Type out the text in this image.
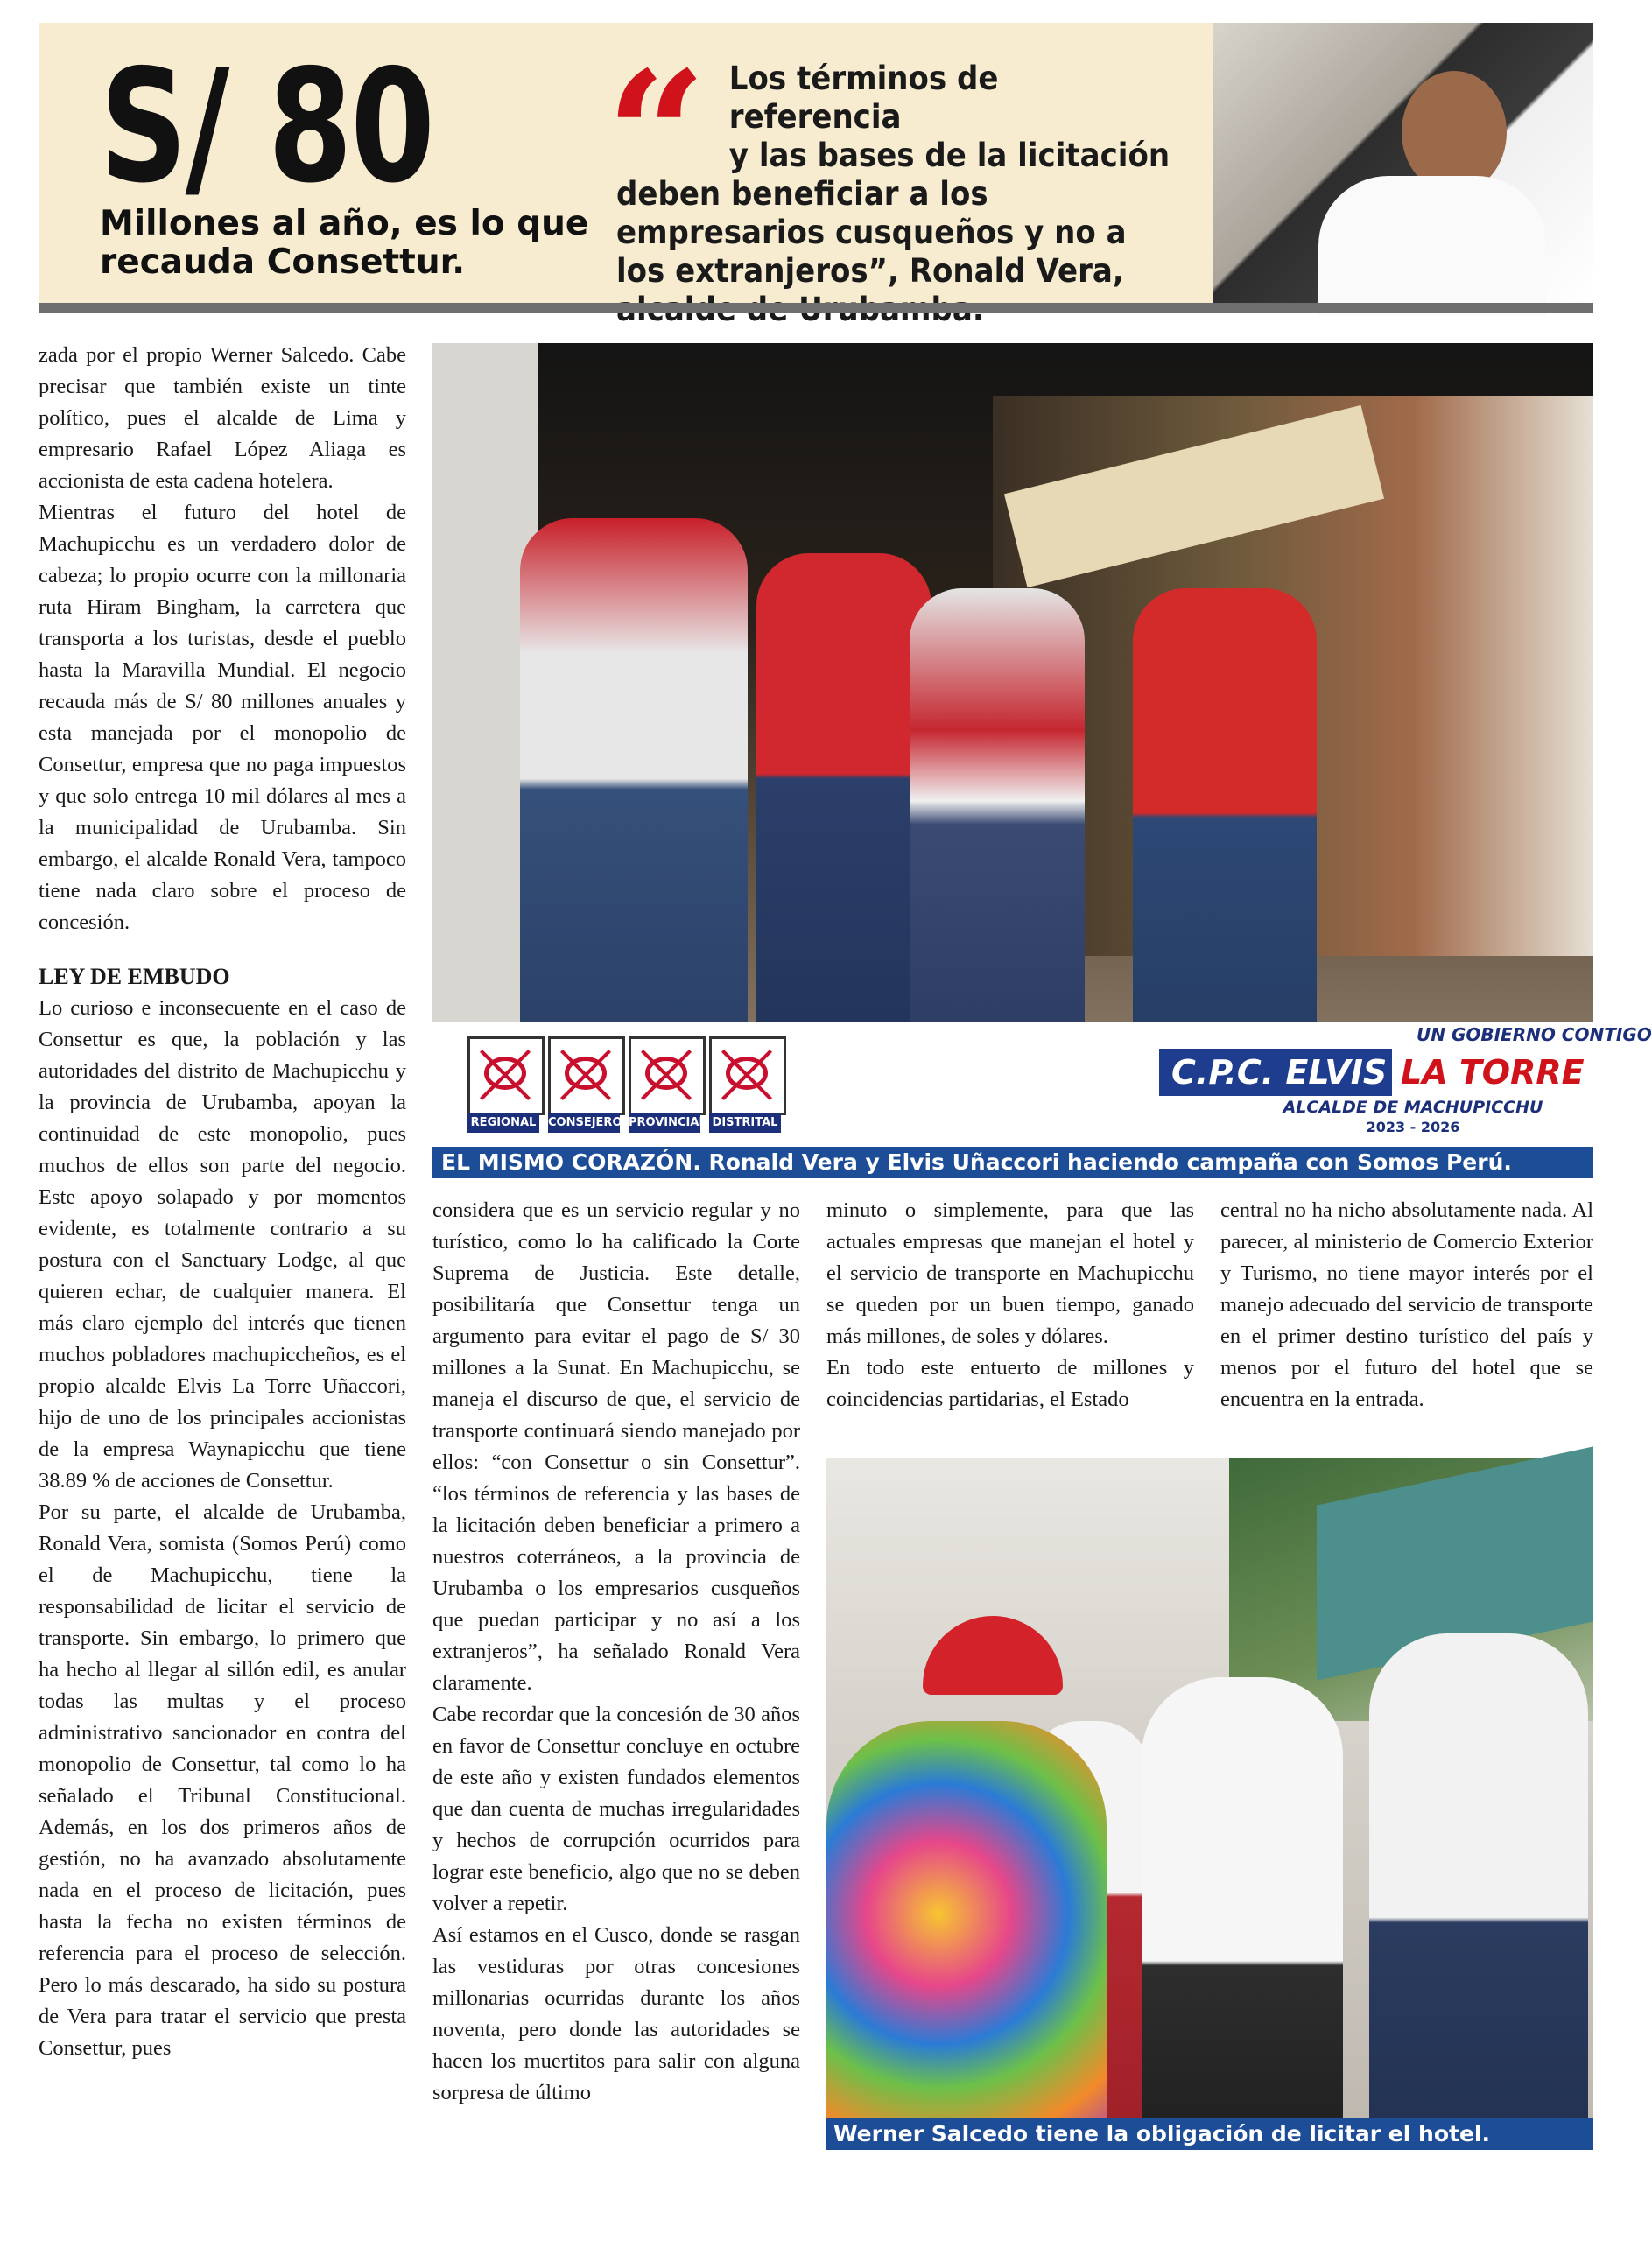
S/ 80
Millones al año, es lo que recauda Consettur.
“ Los términos de referencia
y las bases de la licitación
deben beneficiar a los empresarios cusqueños y no a los extranjeros”, Ronald Vera,

zada por el propio Werner Salcedo. Cabe precisar que también existe un tinte político, pues el alcalde de Lima y empresario Rafael López Aliaga es accionista de esta cadena hotelera.

Mientras el futuro del hotel de Machupicchu es un verdadero dolor de cabeza; lo propio ocurre con la millonaria ruta Hiram Bingham, la carretera que transporta a los turistas, desde el pueblo hasta la Maravilla Mundial. El negocio recauda más de S/ 80 millones anuales y esta manejada por el monopolio de Consettur, empresa que no paga impuestos y que solo entrega 10 mil dólares al mes a la municipalidad de Urubamba. Sin embargo, el alcalde Ronald Vera, tampoco tiene nada claro sobre el proceso de concesión.

LEY DE EMBUDO

Lo curioso e inconsecuente en el caso de Consettur es que, la población y las autoridades del distrito de Machupicchu y la provincia de Urubamba, apoyan la continuidad de este monopolio, pues muchos de ellos son parte del negocio. Este apoyo solapado y por momentos evidente, es totalmente contrario a su postura con el Sanctuary Lodge, al que quieren echar, de cualquier manera. El más claro ejemplo del interés que tienen muchos pobladores machupiccheños, es el propio alcalde Elvis La Torre Uñaccori, hijo de uno de los principales accionistas de la empresa Waynapicchu que tiene 38.89 % de acciones de Consettur.

Por su parte, el alcalde de Urubamba, Ronald Vera, somista (Somos Perú) como el de Machupicchu, tiene la responsabilidad de licitar el servicio de transporte. Sin embargo, lo primero que ha hecho al llegar al sillón edil, es anular todas las multas y el proceso administrativo sancionador en contra del monopolio de Consettur, tal como lo ha señalado el Tribunal Constitucional. Además, en los dos primeros años de gestión, no ha avanzado absolutamente nada en el proceso de licitación, pues hasta la fecha no existen términos de referencia para el proceso de selección. Pero lo más descarado, ha sido su postura de Vera para tratar el servicio que presta Consettur, pues

REGIONAL CONSEJERO PROVINCIAL DISTRITAL
UN GOBIERNO CONTIGO
C.P.C. ELVIS LA TORRE
ALCALDE DE MACHUPICCHU
2023 - 2026
EL MISMO CORAZÓN. Ronald Vera y Elvis Uñaccori haciendo campaña con Somos Perú.

considera que es un servicio regular y no turístico, como lo ha calificado la Corte Suprema de Justicia. Este detalle, posibilitaría que Consettur tenga un argumento para evitar el pago de S/ 30 millones a la Sunat. En Machupicchu, se maneja el discurso de que, el servicio de transporte continuará siendo manejado por ellos: “con Consettur o sin Consettur”. “los términos de referencia y las bases de la licitación deben beneficiar a primero a nuestros coterráneos, a la provincia de Urubamba o los empresarios cusqueños que puedan participar y no así a los extranjeros”, ha señalado Ronald Vera claramente.

Cabe recordar que la concesión de 30 años en favor de Consettur concluye en octubre de este año y existen fundados elementos que dan cuenta de muchas irregularidades y hechos de corrupción ocurridos para lograr este beneficio, algo que no se deben volver a repetir.

Así estamos en el Cusco, donde se rasgan las vestiduras por otras concesiones millonarias ocurridas durante los años noventa, pero donde las autoridades se hacen los muertitos para salir con alguna sorpresa de último

minuto o simplemente, para que las actuales empresas que manejan el hotel y el servicio de transporte en Machupicchu se queden por un buen tiempo, ganado más millones, de soles y dólares.

En todo este entuerto de millones y coincidencias partidarias, el Estado

central no ha nicho absolutamente nada. Al parecer, al ministerio de Comercio Exterior y Turismo, no tiene mayor interés por el manejo adecuado del servicio de transporte en el primer destino turístico del país y menos por el futuro del hotel que se encuentra en la entrada.

Werner Salcedo tiene la obligación de licitar el hotel.
